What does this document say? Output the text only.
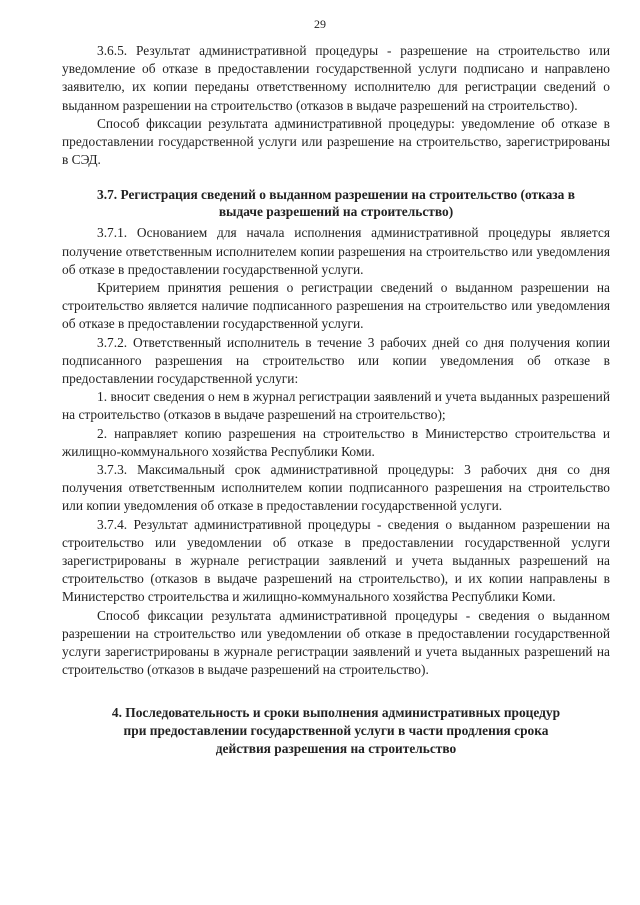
29

3.6.5. Результат административной процедуры - разрешение на строительство или уведомление об отказе в предоставлении государственной услуги подписано и направлено заявителю, их копии переданы ответственному исполнителю для регистрации сведений о выданном разрешении на строительство (отказов в выдаче разрешений на строительство).

Способ фиксации результата административной процедуры: уведомление об отказе в предоставлении государственной услуги или разрешение на строительство, зарегистрированы в СЭД.

3.7. Регистрация сведений о выданном разрешении на строительство (отказа в выдаче разрешений на строительство)

3.7.1. Основанием для начала исполнения административной процедуры является получение ответственным исполнителем копии разрешения на строительство или уведомления об отказе в предоставлении государственной услуги.

Критерием принятия решения о регистрации сведений о выданном разрешении на строительство является наличие подписанного разрешения на строительство или уведомления об отказе в предоставлении государственной услуги.

3.7.2. Ответственный исполнитель в течение 3 рабочих дней со дня получения копии подписанного разрешения на строительство или копии уведомления об отказе в предоставлении государственной услуги:

1. вносит сведения о нем в журнал регистрации заявлений и учета выданных разрешений на строительство (отказов в выдаче разрешений на строительство);

2. направляет копию разрешения на строительство в Министерство строительства и жилищно-коммунального хозяйства Республики Коми.

3.7.3. Максимальный срок административной процедуры: 3 рабочих дня со дня получения ответственным исполнителем копии подписанного разрешения на строительство или копии уведомления об отказе в предоставлении государственной услуги.

3.7.4. Результат административной процедуры - сведения о выданном разрешении на строительство или уведомлении об отказе в предоставлении государственной услуги зарегистрированы в журнале регистрации заявлений и учета выданных разрешений на строительство (отказов в выдаче разрешений на строительство), и их копии направлены в Министерство строительства и жилищно-коммунального хозяйства Республики Коми.

Способ фиксации результата административной процедуры - сведения о выданном разрешении на строительство или уведомлении об отказе в предоставлении государственной услуги зарегистрированы в журнале регистрации заявлений и учета выданных разрешений на строительство (отказов в выдаче разрешений на строительство).

4. Последовательность и сроки выполнения административных процедур при предоставлении государственной услуги в части продления срока действия разрешения на строительство
